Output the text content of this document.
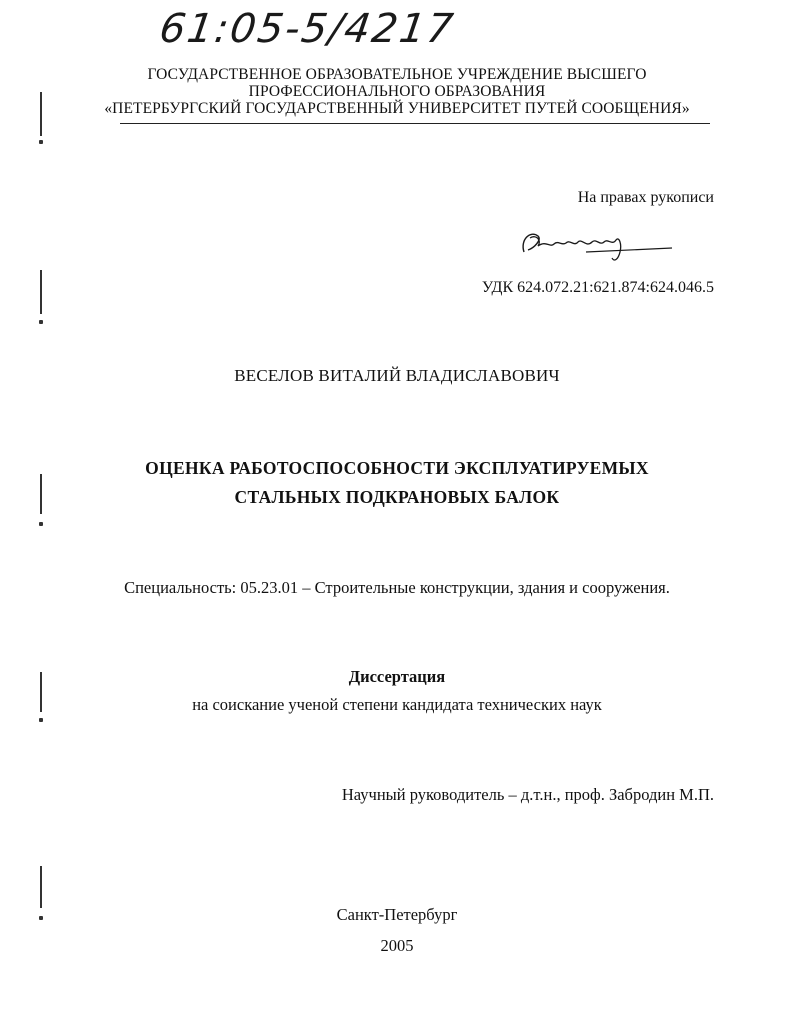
61:05-5/4217
ГОСУДАРСТВЕННОЕ ОБРАЗОВАТЕЛЬНОЕ УЧРЕЖДЕНИЕ ВЫСШЕГО
ПРОФЕССИОНАЛЬНОГО ОБРАЗОВАНИЯ
«ПЕТЕРБУРГСКИЙ ГОСУДАРСТВЕННЫЙ УНИВЕРСИТЕТ ПУТЕЙ СООБЩЕНИЯ»
На правах рукописи
УДК 624.072.21:621.874:624.046.5
ВЕСЕЛОВ ВИТАЛИЙ ВЛАДИСЛАВОВИЧ
ОЦЕНКА РАБОТОСПОСОБНОСТИ ЭКСПЛУАТИРУЕМЫХ
СТАЛЬНЫХ ПОДКРАНОВЫХ БАЛОК
Специальность: 05.23.01 – Строительные конструкции, здания и сооружения.
Диссертация
на соискание ученой степени кандидата технических наук
Научный руководитель – д.т.н., проф. Забродин М.П.
Санкт-Петербург
2005
